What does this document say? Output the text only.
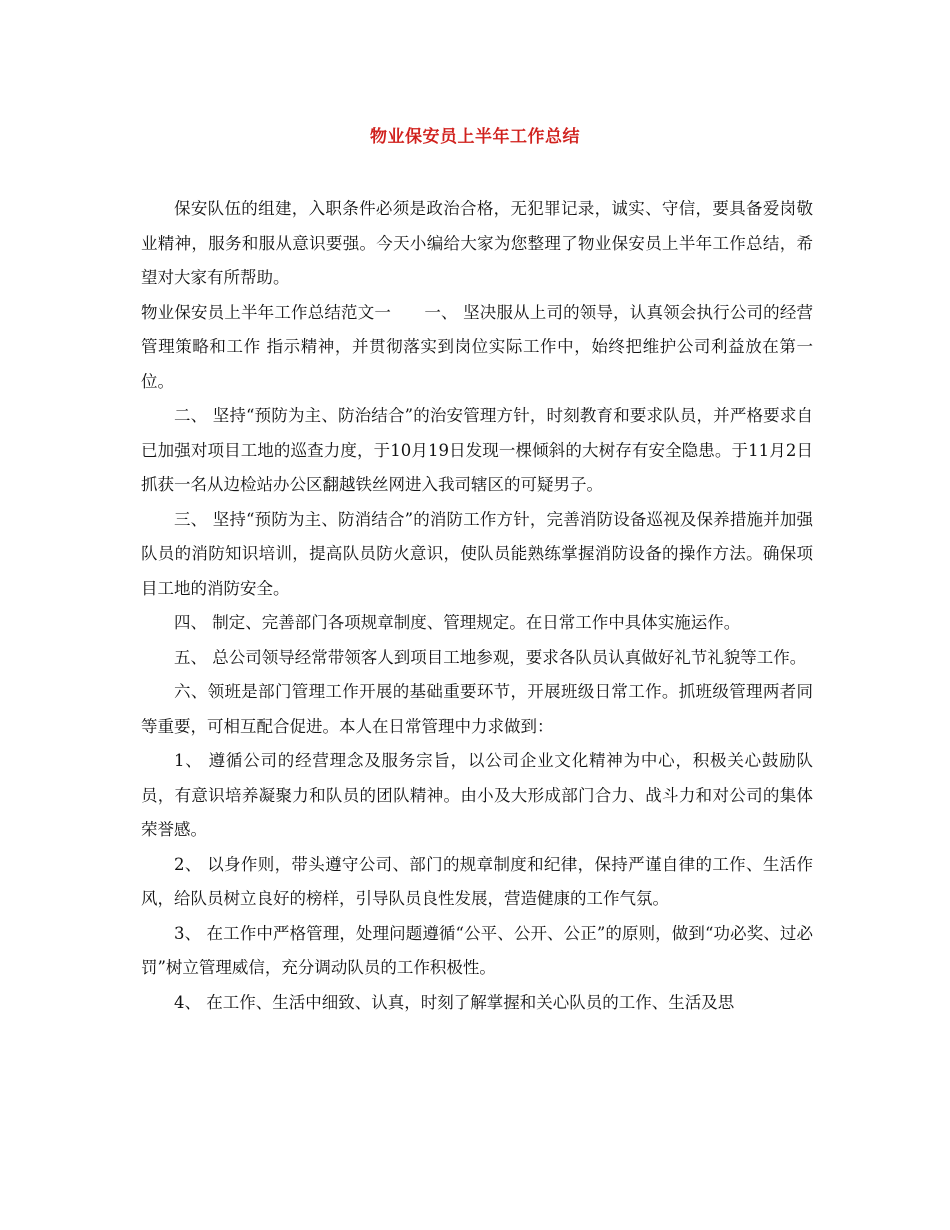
物业保安员上半年工作总结

保安队伍的组建，入职条件必须是政治合格，无犯罪记录，诚实、守信，要具备爱岗敬业精神，服务和服从意识要强。今天小编给大家为您整理了物业保安员上半年工作总结，希望对大家有所帮助。

物业保安员上半年工作总结范文一　　一、 坚决服从上司的领导，认真领会执行公司的经营管理策略和工作 指示精神，并贯彻落实到岗位实际工作中，始终把维护公司利益放在第一位。

二、 坚持“预防为主、防治结合”的治安管理方针，时刻教育和要求队员，并严格要求自已加强对项目工地的巡查力度，于10月19日发现一棵倾斜的大树存有安全隐患。于11月2日抓获一名从边检站办公区翻越铁丝网进入我司辖区的可疑男子。

三、 坚持“预防为主、防消结合”的消防工作方针，完善消防设备巡视及保养措施并加强队员的消防知识培训，提高队员防火意识，使队员能熟练掌握消防设备的操作方法。确保项目工地的消防安全。

四、 制定、完善部门各项规章制度、管理规定。在日常工作中具体实施运作。

五、 总公司领导经常带领客人到项目工地参观，要求各队员认真做好礼节礼貌等工作。

六、领班是部门管理工作开展的基础重要环节，开展班级日常工作。抓班级管理两者同等重要，可相互配合促进。本人在日常管理中力求做到：

1、 遵循公司的经营理念及服务宗旨，以公司企业文化精神为中心，积极关心鼓励队员，有意识培养凝聚力和队员的团队精神。由小及大形成部门合力、战斗力和对公司的集体荣誉感。

2、 以身作则，带头遵守公司、部门的规章制度和纪律，保持严谨自律的工作、生活作风，给队员树立良好的榜样，引导队员良性发展，营造健康的工作气氛。

3、 在工作中严格管理，处理问题遵循“公平、公开、公正”的原则，做到“功必奖、过必罚”树立管理威信，充分调动队员的工作积极性。

4、 在工作、生活中细致、认真，时刻了解掌握和关心队员的工作、生活及思
